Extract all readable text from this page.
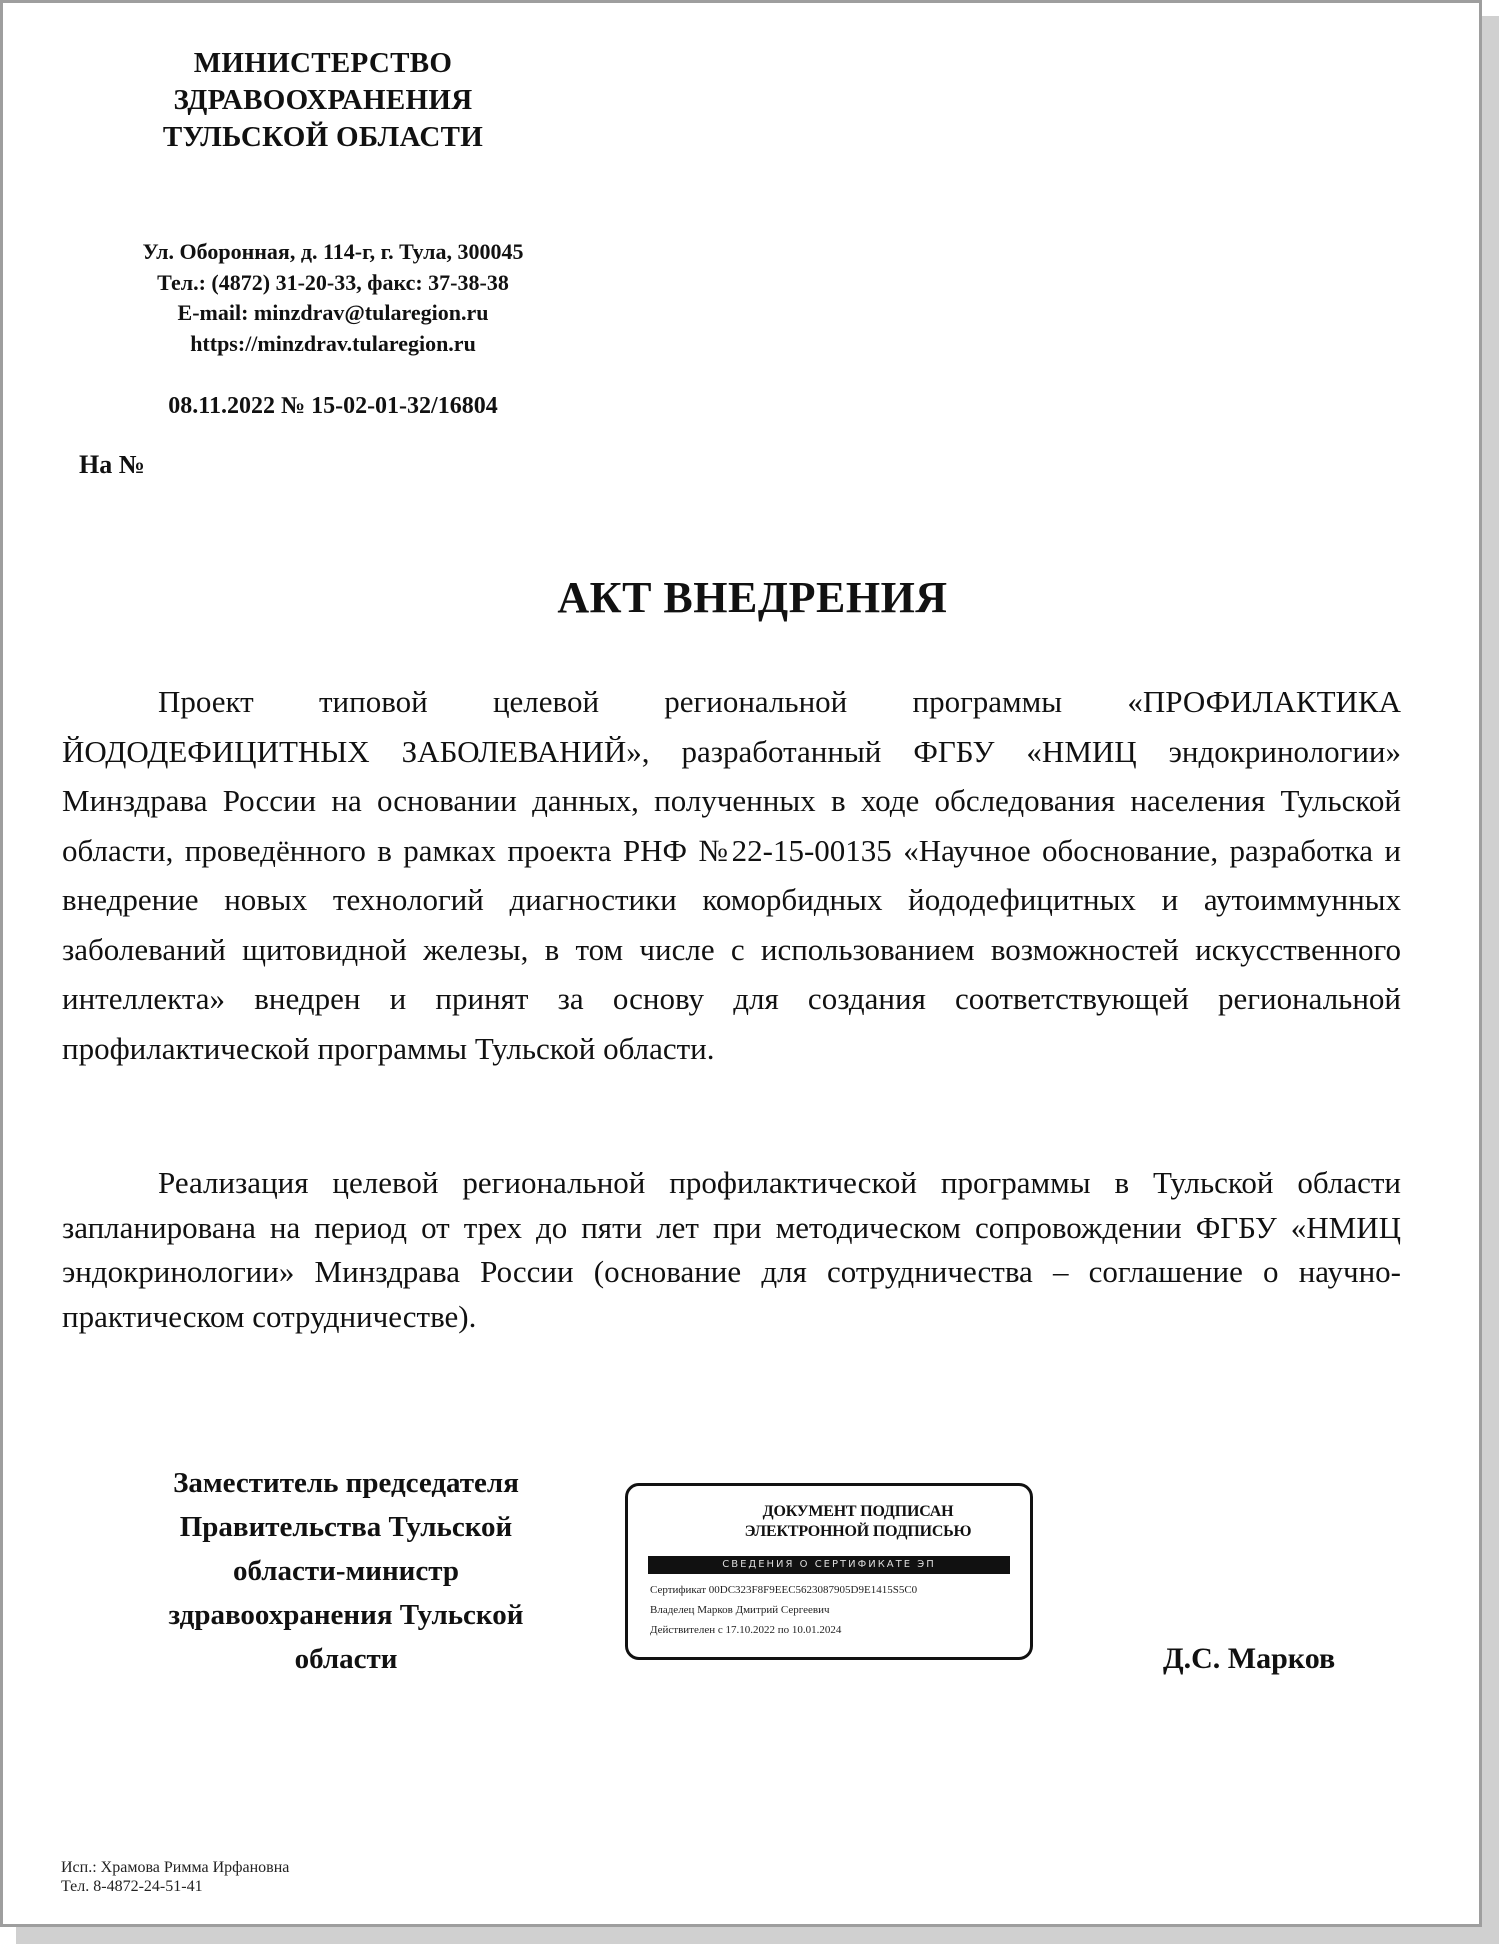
МИНИСТЕРСТВО
ЗДРАВООХРАНЕНИЯ
ТУЛЬСКОЙ ОБЛАСТИ
Ул. Оборонная, д. 114-г, г. Тула, 300045
Тел.: (4872) 31-20-33, факс: 37-38-38
E-mail: minzdrav@tularegion.ru
https://minzdrav.tularegion.ru
08.11.2022 № 15-02-01-32/16804
На №
АКТ ВНЕДРЕНИЯ
Проект типовой целевой региональной программы «ПРОФИЛАКТИКА ЙОДОДЕФИЦИТНЫХ ЗАБОЛЕВАНИЙ», разработанный ФГБУ «НМИЦ эндокринологии» Минздрава России на основании данных, полученных в ходе обследования населения Тульской области, проведённого в рамках проекта РНФ №22-15-00135 «Научное обоснование, разработка и внедрение новых технологий диагностики коморбидных йододефицитных и аутоиммунных заболеваний щитовидной железы, в том числе с использованием возможностей искусственного интеллекта» внедрен и принят за основу для создания соответствующей региональной профилактической программы Тульской области.
Реализация целевой региональной профилактической программы в Тульской области запланирована на период от трех до пяти лет при методическом сопровождении ФГБУ «НМИЦ эндокринологии» Минздрава России (основание для сотрудничества – соглашение о научно-практическом сотрудничестве).
Заместитель председателя
Правительства Тульской
области-министр
здравоохранения Тульской
области
ДОКУМЕНТ ПОДПИСАН
ЭЛЕКТРОННОЙ ПОДПИСЬЮ
СВЕДЕНИЯ О СЕРТИФИКАТЕ ЭП
Сертификат 00DC323F8F9EEC5623087905D9E1415S5C0
Владелец Марков Дмитрий Сергеевич
Действителен с 17.10.2022 по 10.01.2024
Д.С. Марков
Исп.: Храмова Римма Ирфановна
Тел. 8-4872-24-51-41
